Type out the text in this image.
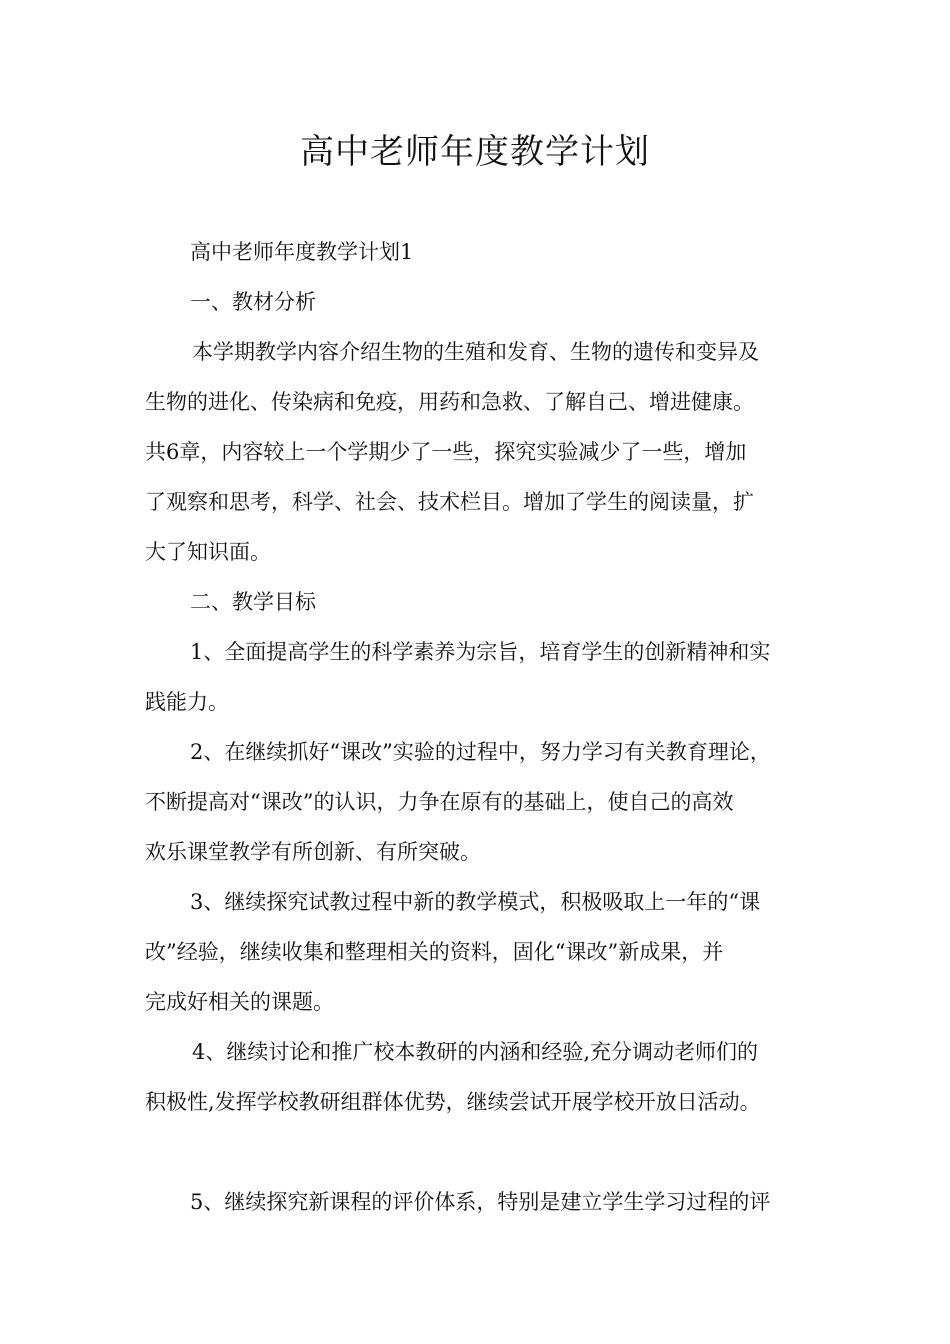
高中老师年度教学计划

高中老师年度教学计划1

一、教材分析

本学期教学内容介绍生物的生殖和发育、生物的遗传和变异及

生物的进化、传染病和免疫，用药和急救、了解自己、增进健康。

共6章，内容较上一个学期少了一些，探究实验减少了一些，增加

了观察和思考，科学、社会、技术栏目。增加了学生的阅读量，扩

大了知识面。

二、教学目标

1、全面提高学生的科学素养为宗旨，培育学生的创新精神和实

践能力。

2、在继续抓好“课改”实验的过程中，努力学习有关教育理论，

不断提高对“课改”的认识，力争在原有的基础上，使自己的高效

欢乐课堂教学有所创新、有所突破。

3、继续探究试教过程中新的教学模式，积极吸取上一年的“课

改”经验，继续收集和整理相关的资料，固化“课改”新成果，并

完成好相关的课题。

4、继续讨论和推广校本教研的内涵和经验,充分调动老师们的

积极性,发挥学校教研组群体优势，继续尝试开展学校开放日活动。

5、继续探究新课程的评价体系，特别是建立学生学习过程的评
